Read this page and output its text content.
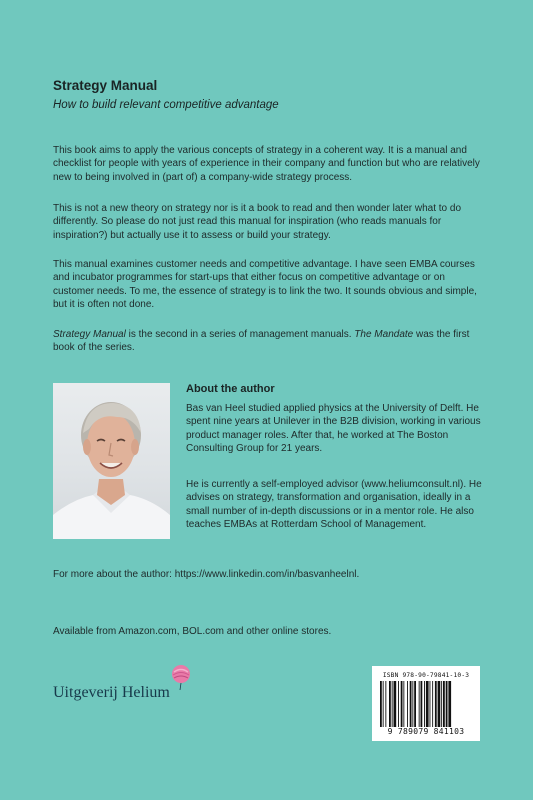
Strategy Manual
How to build relevant competitive advantage

This book aims to apply the various concepts of strategy in a coherent way. It is a manual and checklist for people with years of experience in their company and function but who are relatively new to being involved in (part of) a company-wide strategy process.

This is not a new theory on strategy nor is it a book to read and then wonder later what to do differently. So please do not just read this manual for inspiration (who reads manuals for inspiration?) but actually use it to assess or build your strategy.

This manual examines customer needs and competitive advantage. I have seen EMBA courses and incubator programmes for start-ups that either focus on competitive advantage or on customer needs. To me, the essence of strategy is to link the two. It sounds obvious and simple, but it is often not done.

Strategy Manual is the second in a series of management manuals. The Mandate was the first book of the series.

About the author

Bas van Heel studied applied physics at the University of Delft. He spent nine years at Unilever in the B2B division, working in various product manager roles. After that, he worked at The Boston Consulting Group for 21 years.

He is currently a self-employed advisor (www.heliumconsult.nl). He advises on strategy, transformation and organisation, ideally in a small number of in-depth discussions or in a mentor role. He also teaches EMBAs at Rotterdam School of Management.

For more about the author: https://www.linkedin.com/in/basvanheelnl.
Available from Amazon.com, BOL.com and other online stores.
Uitgeverij Helium
ISBN 978-90-79841-10-3
9 789079 841103
